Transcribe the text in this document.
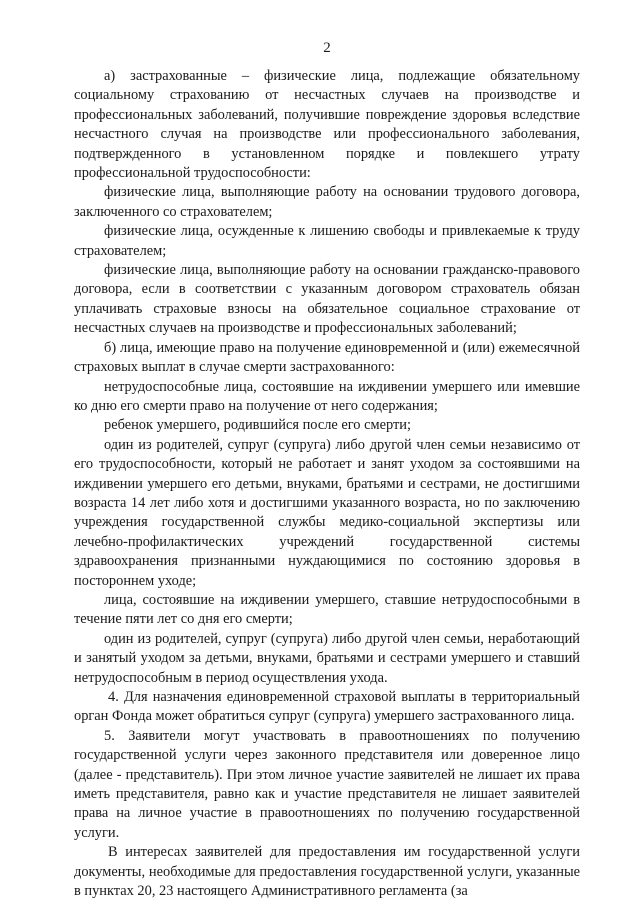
2

а) застрахованные – физические лица, подлежащие обязательному социальному страхованию от несчастных случаев на производстве и профессиональных заболеваний, получившие повреждение здоровья вследствие несчастного случая на производстве или профессионального заболевания, подтвержденного в установленном порядке и повлекшего утрату профессиональной трудоспособности:

физические лица, выполняющие работу на основании трудового договора, заключенного со страхователем;

физические лица, осужденные к лишению свободы и привлекаемые к труду страхователем;

физические лица, выполняющие работу на основании гражданско-правового договора, если в соответствии с указанным договором страхователь обязан уплачивать страховые взносы на обязательное социальное страхование от несчастных случаев на производстве и профессиональных заболеваний;

б) лица, имеющие право на получение единовременной и (или) ежемесячной страховых выплат в случае смерти застрахованного:

нетрудоспособные лица, состоявшие на иждивении умершего или имевшие ко дню его смерти право на получение от него содержания;

ребенок умершего, родившийся после его смерти;

один из родителей, супруг (супруга) либо другой член семьи независимо от его трудоспособности, который не работает и занят уходом за состоявшими на иждивении умершего его детьми, внуками, братьями и сестрами, не достигшими возраста 14 лет либо хотя и достигшими указанного возраста, но по заключению учреждения государственной службы медико-социальной экспертизы или лечебно-профилактических учреждений государственной системы здравоохранения признанными нуждающимися по состоянию здоровья в постороннем уходе;

лица, состоявшие на иждивении умершего, ставшие нетрудоспособными в течение пяти лет со дня его смерти;

один из родителей, супруг (супруга) либо другой член семьи, неработающий и занятый уходом за детьми, внуками, братьями и сестрами умершего и ставший нетрудоспособным в период осуществления ухода.

4. Для назначения единовременной страховой выплаты в территориальный орган Фонда может обратиться супруг (супруга) умершего застрахованного лица.

5. Заявители могут участвовать в правоотношениях по получению государственной услуги через законного представителя или доверенное лицо (далее - представитель). При этом личное участие заявителей не лишает их права иметь представителя, равно как и участие представителя не лишает заявителей права на личное участие в правоотношениях по получению государственной услуги.

В интересах заявителей для предоставления им государственной услуги документы, необходимые для предоставления государственной услуги, указанные в пунктах 20, 23 настоящего Административного регламента (за
